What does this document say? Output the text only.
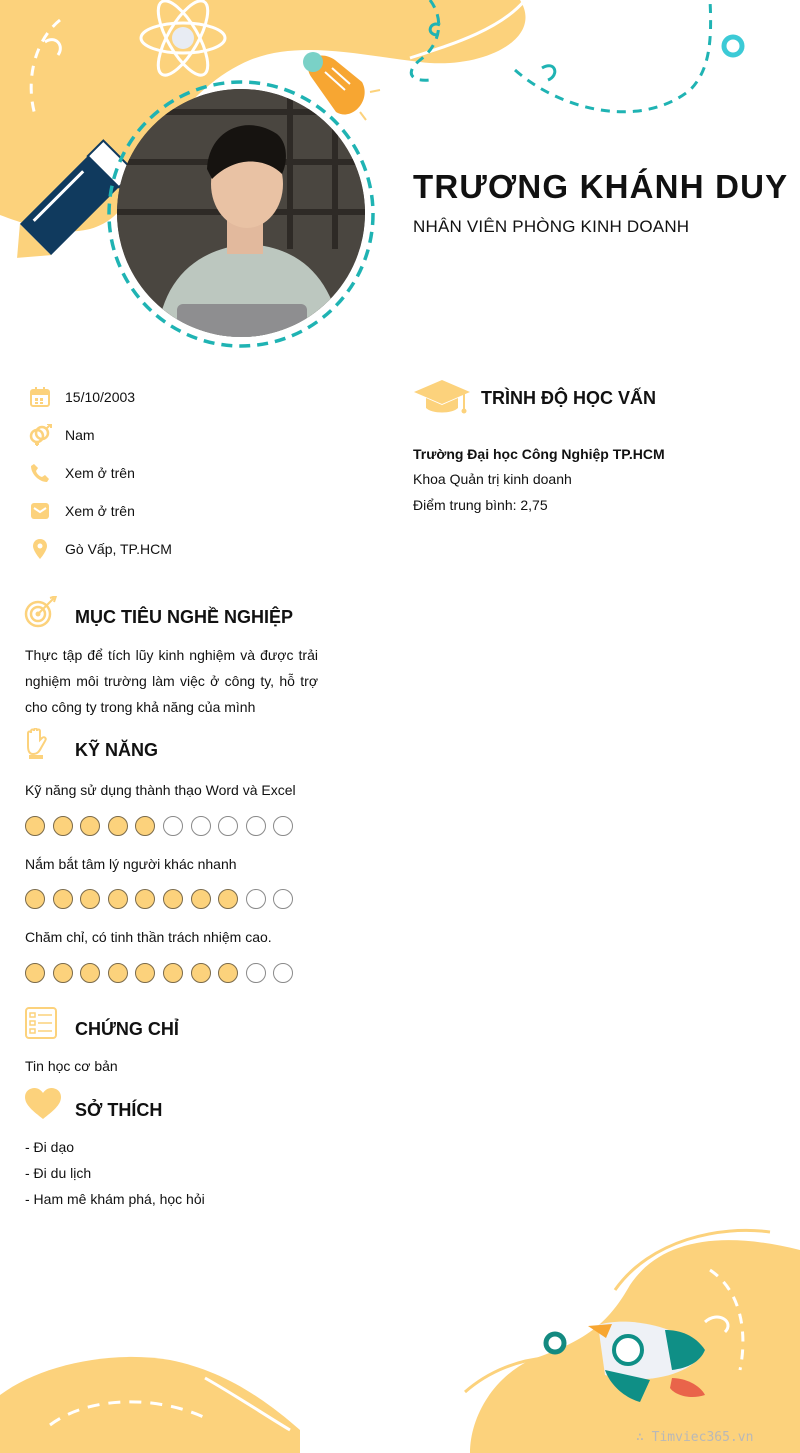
TRƯƠNG KHÁNH DUY
NHÂN VIÊN PHÒNG KINH DOANH
15/10/2003
Nam
Xem ở trên
Xem ở trên
Gò Vấp, TP.HCM
MỤC TIÊU NGHỀ NGHIỆP
Thực tập để tích lũy kinh nghiệm và được trải nghiệm môi trường làm việc ở công ty, hỗ trợ cho công ty trong khả năng của mình
KỸ NĂNG
Kỹ năng sử dụng thành thạo Word và Excel
Nắm bắt tâm lý người khác nhanh
Chăm chỉ, có tinh thần trách nhiệm cao.
CHỨNG CHỈ
Tin học cơ bản
SỞ THÍCH
- Đi dạo
- Đi du lịch
- Ham mê khám phá, học hỏi
TRÌNH ĐỘ HỌC VẤN
Trường Đại học Công Nghiệp TP.HCM
Khoa Quản trị kinh doanh
Điểm trung bình: 2,75
∴ Timviec365.vn
